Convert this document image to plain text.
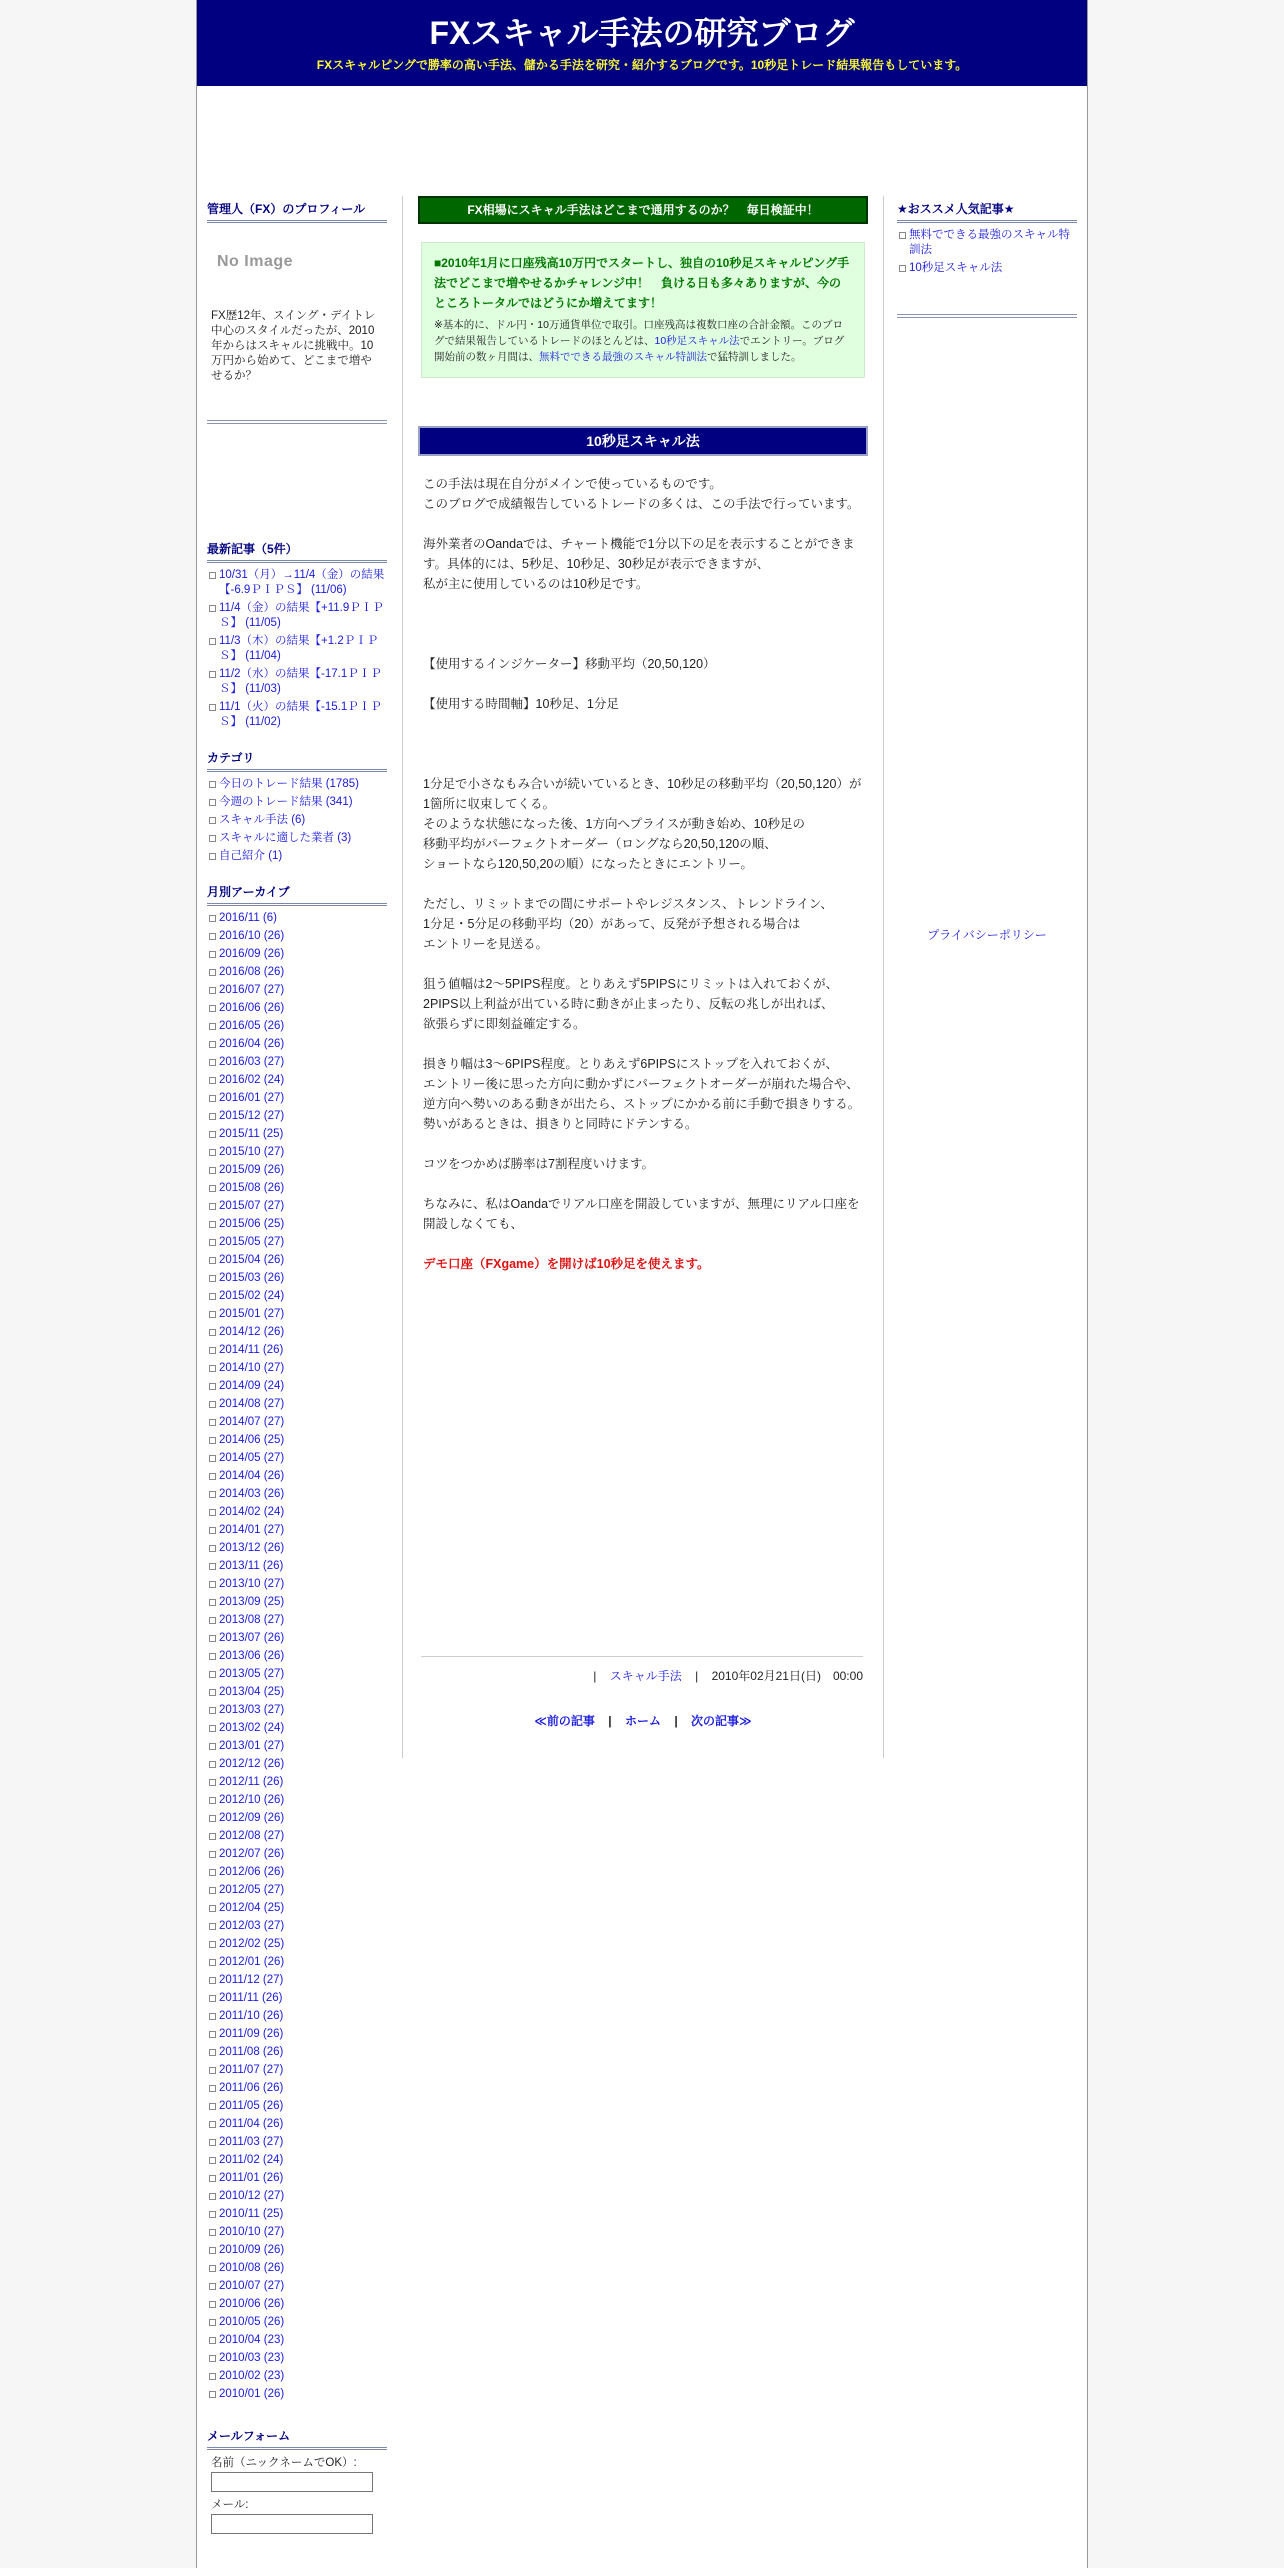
FXスキャル手法の研究ブログ
FXスキャルピングで勝率の高い手法、儲かる手法を研究・紹介するブログです。10秒足トレード結果報告もしています。
管理人（FX）のプロフィール
No Image
FX歴12年、スイング・デイトレ中心のスタイルだったが、2010年からはスキャルに挑戦中。10万円から始めて、どこまで増やせるか？
最新記事（5件）
10/31（月）→11/4（金）の結果【-6.9ＰＩＰＳ】 (11/06)
11/4（金）の結果【+11.9ＰＩＰＳ】 (11/05)
11/3（木）の結果【+1.2ＰＩＰＳ】 (11/04)
11/2（水）の結果【-17.1ＰＩＰＳ】 (11/03)
11/1（火）の結果【-15.1ＰＩＰＳ】 (11/02)
カテゴリ
今日のトレード結果 (1785)
今週のトレード結果 (341)
スキャル手法 (6)
スキャルに適した業者 (3)
自己紹介 (1)
月別アーカイブ
2016/11 (6)
2016/10 (26)
2016/09 (26)
2016/08 (26)
2016/07 (27)
2016/06 (26)
2016/05 (26)
2016/04 (26)
2016/03 (27)
2016/02 (24)
2016/01 (27)
2015/12 (27)
2015/11 (25)
2015/10 (27)
2015/09 (26)
2015/08 (26)
2015/07 (27)
2015/06 (25)
2015/05 (27)
2015/04 (26)
2015/03 (26)
2015/02 (24)
2015/01 (27)
2014/12 (26)
2014/11 (26)
2014/10 (27)
2014/09 (24)
2014/08 (27)
2014/07 (27)
2014/06 (25)
2014/05 (27)
2014/04 (26)
2014/03 (26)
2014/02 (24)
2014/01 (27)
2013/12 (26)
2013/11 (26)
2013/10 (27)
2013/09 (25)
2013/08 (27)
2013/07 (26)
2013/06 (26)
2013/05 (27)
2013/04 (25)
2013/03 (27)
2013/02 (24)
2013/01 (27)
2012/12 (26)
2012/11 (26)
2012/10 (26)
2012/09 (26)
2012/08 (27)
2012/07 (26)
2012/06 (26)
2012/05 (27)
2012/04 (25)
2012/03 (27)
2012/02 (25)
2012/01 (26)
2011/12 (27)
2011/11 (26)
2011/10 (26)
2011/09 (26)
2011/08 (26)
2011/07 (27)
2011/06 (26)
2011/05 (26)
2011/04 (26)
2011/03 (27)
2011/02 (24)
2011/01 (26)
2010/12 (27)
2010/11 (25)
2010/10 (27)
2010/09 (26)
2010/08 (26)
2010/07 (27)
2010/06 (26)
2010/05 (26)
2010/04 (23)
2010/03 (23)
2010/02 (23)
2010/01 (26)
メールフォーム
名前（ニックネームでOK）:
メール:
FX相場にスキャル手法はどこまで通用するのか？　毎日検証中！
■2010年1月に口座残高10万円でスタートし、独自の10秒足スキャルピング手法でどこまで増やせるかチャレンジ中！　負ける日も多々ありますが、今のところトータルではどうにか増えてます！
※基本的に、ドル円・10万通貨単位で取引。口座残高は複数口座の合計金額。このブログで結果報告しているトレードのほとんどは、10秒足スキャル法でエントリー。ブログ開始前の数ヶ月間は、無料でできる最強のスキャル特訓法で猛特訓しました。
10秒足スキャル法

この手法は現在自分がメインで使っているものです。
このブログで成績報告しているトレードの多くは、この手法で行っています。

海外業者のOandaでは、チャート機能で1分以下の足を表示することができます。具体的には、5秒足、10秒足、30秒足が表示できますが、
私が主に使用しているのは10秒足です。

【使用するインジケーター】移動平均（20,50,120）

【使用する時間軸】10秒足、1分足

1分足で小さなもみ合いが続いているとき、10秒足の移動平均（20,50,120）が1箇所に収束してくる。
そのような状態になった後、1方向へプライスが動き始め、10秒足の
移動平均がパーフェクトオーダー（ロングなら20,50,120の順、
ショートなら120,50,20の順）になったときにエントリー。

ただし、リミットまでの間にサポートやレジスタンス、トレンドライン、
1分足・5分足の移動平均（20）があって、反発が予想される場合は
エントリーを見送る。

狙う値幅は2～5PIPS程度。とりあえず5PIPSにリミットは入れておくが、
2PIPS以上利益が出ている時に動きが止まったり、反転の兆しが出れば、
欲張らずに即刻益確定する。

損きり幅は3～6PIPS程度。とりあえず6PIPSにストップを入れておくが、
エントリー後に思った方向に動かずにパーフェクトオーダーが崩れた場合や、
逆方向へ勢いのある動きが出たら、ストップにかかる前に手動で損きりする。
勢いがあるときは、損きりと同時にドテンする。

コツをつかめば勝率は7割程度いけます。

ちなみに、私はOandaでリアル口座を開設していますが、無理にリアル口座を
開設しなくても、

デモ口座（FXgame）を開けば10秒足を使えます。

| スキャル手法 | 2010年02月21日(日)　00:00
≪前の記事 | ホーム | 次の記事≫
★おススメ人気記事★
無料でできる最強のスキャル特訓法
10秒足スキャル法
プライバシーポリシー
